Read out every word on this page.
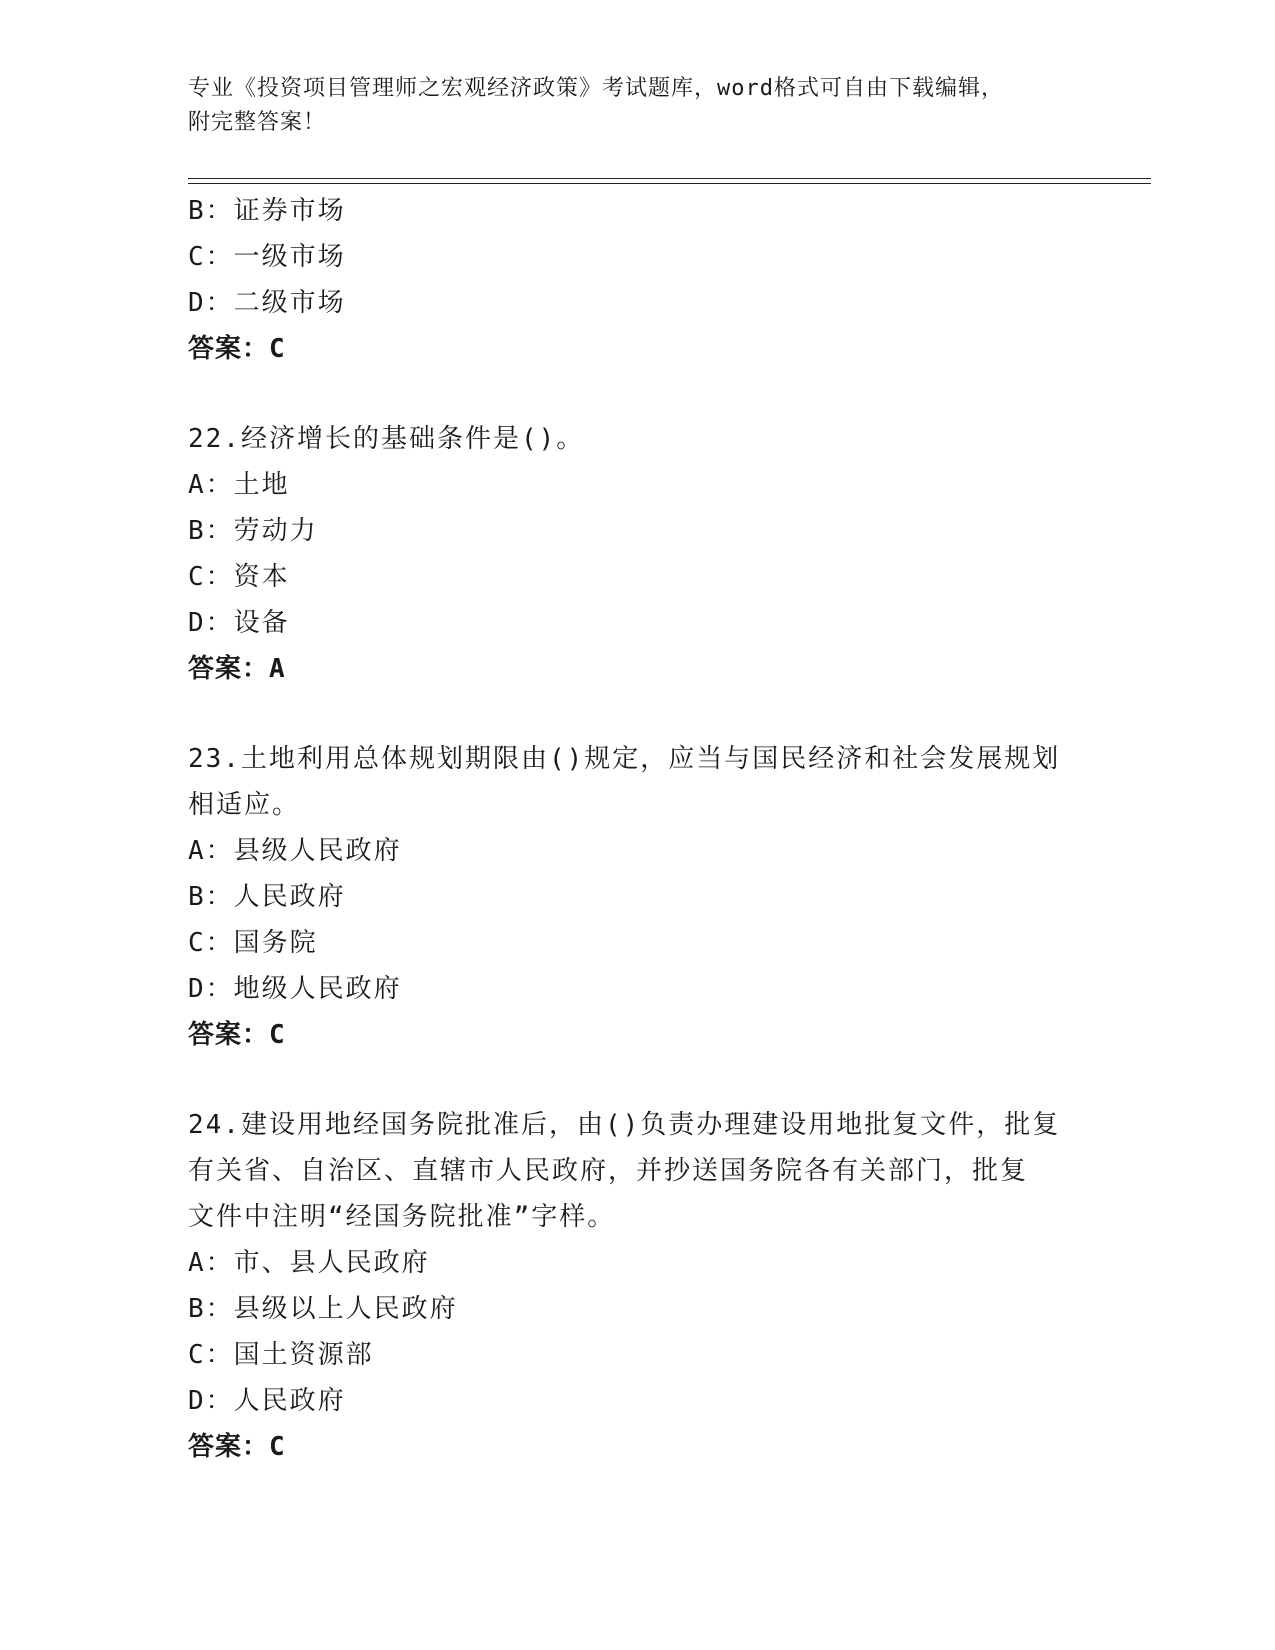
专业《投资项目管理师之宏观经济政策》考试题库，word格式可自由下载编辑，
附完整答案！
B：证券市场
C：一级市场
D：二级市场
答案：C
22.经济增长的基础条件是()。
A：土地
B：劳动力
C：资本
D：设备
答案：A
23.土地利用总体规划期限由()规定，应当与国民经济和社会发展规划
相适应。
A：县级人民政府
B：人民政府
C：国务院
D：地级人民政府
答案：C
24.建设用地经国务院批准后，由()负责办理建设用地批复文件，批复
有关省、自治区、直辖市人民政府，并抄送国务院各有关部门，批复
文件中注明“经国务院批准”字样。
A：市、县人民政府
B：县级以上人民政府
C：国土资源部
D：人民政府
答案：C
